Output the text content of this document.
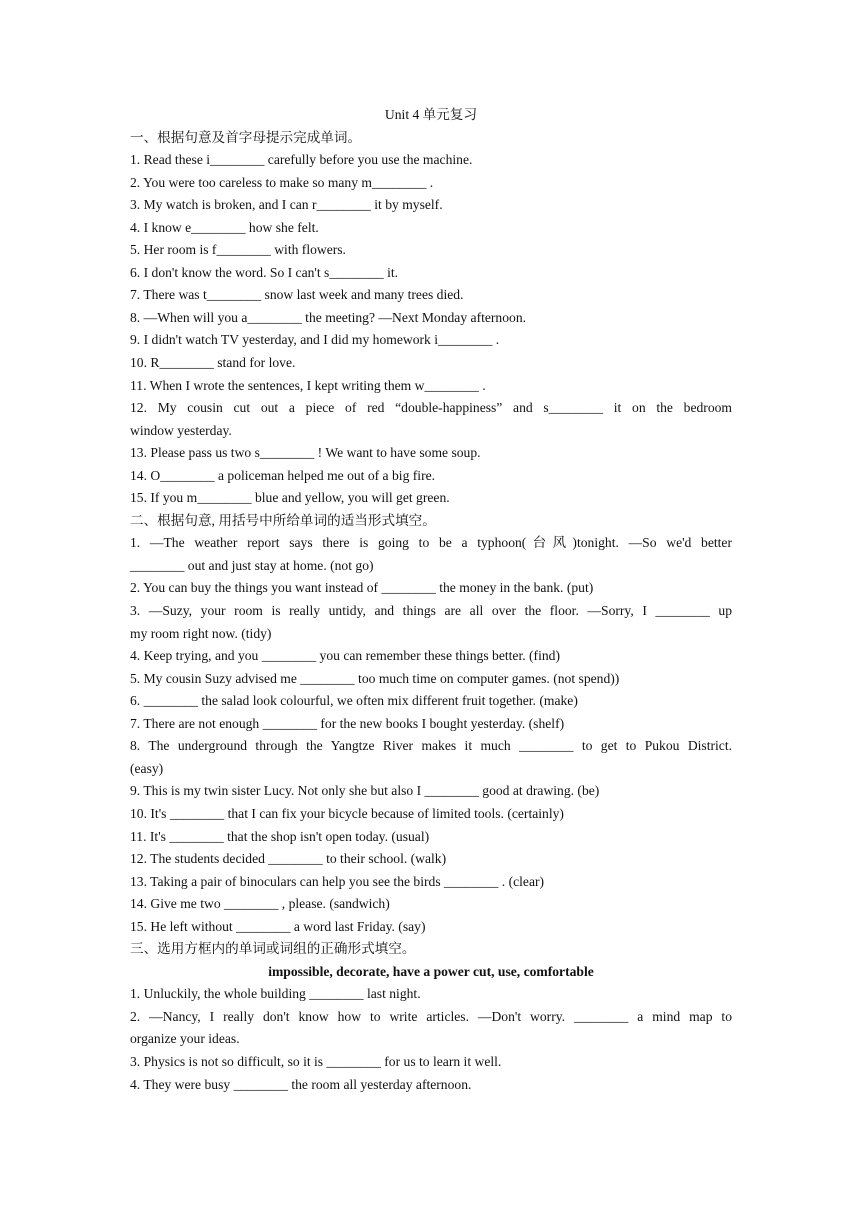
Unit 4 单元复习
一、根据句意及首字母提示完成单词。
1. Read these i________ carefully before you use the machine.
2. You were too careless to make so many m________ .
3. My watch is broken, and I can r________ it by myself.
4. I know e________ how she felt.
5. Her room is f________ with flowers.
6. I don't know the word. So I can't s________ it.
7. There was t________ snow last week and many trees died.
8. —When will you a________ the meeting? —Next Monday afternoon.
9. I didn't watch TV yesterday, and I did my homework i________ .
10. R________ stand for love.
11. When I wrote the sentences, I kept writing them w________ .
12. My cousin cut out a piece of red “double-happiness” and s________ it on the bedroom
window yesterday.
13. Please pass us two s________ ! We want to have some soup.
14. O________ a policeman helped me out of a big fire.
15. If you m________ blue and yellow, you will get green.
二、根据句意, 用括号中所给单词的适当形式填空。
1. —The weather report says there is going to be a typhoon(台风)tonight. —So we'd better
________ out and just stay at home. (not go)
2. You can buy the things you want instead of ________ the money in the bank. (put)
3. —Suzy, your room is really untidy, and things are all over the floor. —Sorry, I ________ up
my room right now. (tidy)
4. Keep trying, and you ________ you can remember these things better. (find)
5. My cousin Suzy advised me ________ too much time on computer games. (not spend))
6. ________ the salad look colourful, we often mix different fruit together. (make)
7. There are not enough ________ for the new books I bought yesterday. (shelf)
8. The underground through the Yangtze River makes it much ________ to get to Pukou District.
(easy)
9. This is my twin sister Lucy. Not only she but also I ________ good at drawing. (be)
10. It's ________ that I can fix your bicycle because of limited tools. (certainly)
11. It's ________ that the shop isn't open today. (usual)
12. The students decided ________ to their school. (walk)
13. Taking a pair of binoculars can help you see the birds ________ . (clear)
14. Give me two ________ , please. (sandwich)
15. He left without ________ a word last Friday. (say)
三、选用方框内的单词或词组的正确形式填空。
impossible, decorate, have a power cut, use, comfortable
1. Unluckily, the whole building ________ last night.
2. —Nancy, I really don't know how to write articles. —Don't worry. ________ a mind map to
organize your ideas.
3. Physics is not so difficult, so it is ________ for us to learn it well.
4. They were busy ________ the room all yesterday afternoon.
